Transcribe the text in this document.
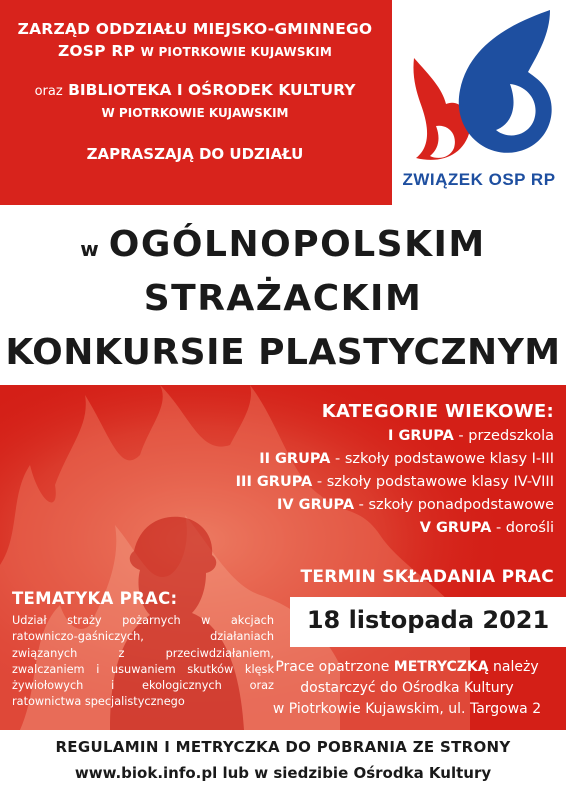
ZARZĄD ODDZIAŁU MIEJSKO-GMINNEGO
ZOSP RP W PIOTRKOWIE KUJAWSKIM
oraz BIBLIOTEKA I OŚRODEK KULTURY
W PIOTRKOWIE KUJAWSKIM
ZAPRASZAJĄ DO UDZIAŁU
ZWIĄZEK OSP RP
w OGÓLNOPOLSKIM
STRAŻACKIM
KONKURSIE PLASTYCZNYM
KATEGORIE WIEKOWE:
I GRUPA - przedszkola
II GRUPA - szkoły podstawowe klasy I-III
III GRUPA - szkoły podstawowe klasy IV-VIII
IV GRUPA - szkoły ponadpodstawowe
V GRUPA - dorośli
TERMIN SKŁADANIA PRAC
18 listopada 2021
Prace opatrzone METRYCZKĄ należy
dostarczyć do Ośrodka Kultury
w Piotrkowie Kujawskim, ul. Targowa 2
TEMATYKA PRAC:
Udział straży pożarnych w akcjach ratowniczo-gaśniczych, działaniach związanych z przeciwdziałaniem, zwalczaniem i usuwaniem skutków klęsk żywiołowych i ekologicznych oraz ratownictwa specjalistycznego
REGULAMIN I METRYCZKA DO POBRANIA ZE STRONY
www.biok.info.pl lub w siedzibie Ośrodka Kultury
